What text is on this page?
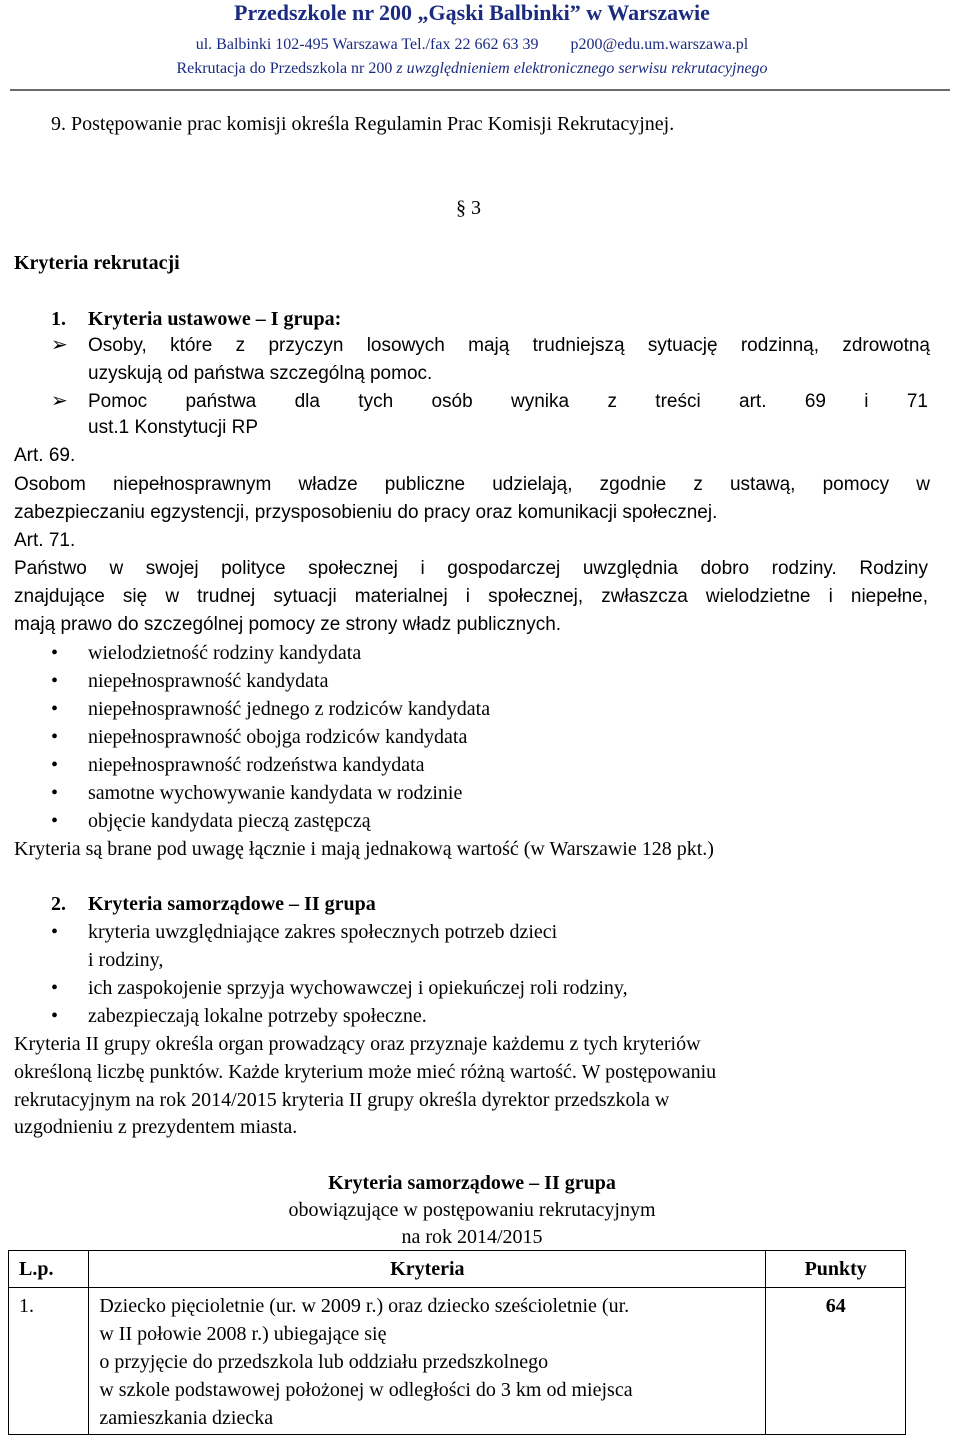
Przedszkole nr 200 „Gąski Balbinki” w Warszawie
ul. Balbinki 102-495 Warszawa Tel./fax 22 662 63 39 p200@edu.um.warszawa.pl
Rekrutacja do Przedszkola nr 200 z uwzględnieniem elektronicznego serwisu rekrutacyjnego
9. Postępowanie prac komisji określa Regulamin Prac Komisji Rekrutacyjnej.
§ 3
Kryteria rekrutacji
1. Kryteria ustawowe – I grupa:
➢ Osoby, które z przyczyn losowych mają trudniejszą sytuację rodzinną, zdrowotną
uzyskują od państwa szczególną pomoc.
➢ Pomoc państwa dla tych osób wynika z treści art. 69 i 71
ust.1 Konstytucji RP
Art. 69.
Osobom niepełnosprawnym władze publiczne udzielają, zgodnie z ustawą, pomocy w
zabezpieczaniu egzystencji, przysposobieniu do pracy oraz komunikacji społecznej.
Art. 71.
Państwo w swojej polityce społecznej i gospodarczej uwzględnia dobro rodziny. Rodziny
znajdujące się w trudnej sytuacji materialnej i społecznej, zwłaszcza wielodzietne i niepełne,
mają prawo do szczególnej pomocy ze strony władz publicznych.
• wielodzietność rodziny kandydata
• niepełnosprawność kandydata
• niepełnosprawność jednego z rodziców kandydata
• niepełnosprawność obojga rodziców kandydata
• niepełnosprawność rodzeństwa kandydata
• samotne wychowywanie kandydata w rodzinie
• objęcie kandydata pieczą zastępczą
Kryteria są brane pod uwagę łącznie i mają jednakową wartość (w Warszawie 128 pkt.)
2. Kryteria samorządowe – II grupa
• kryteria uwzględniające zakres społecznych potrzeb dzieci
i rodziny,
• ich zaspokojenie sprzyja wychowawczej i opiekuńczej roli rodziny,
• zabezpieczają lokalne potrzeby społeczne.
Kryteria II grupy określa organ prowadzący oraz przyznaje każdemu z tych kryteriów
określoną liczbę punktów. Każde kryterium może mieć różną wartość. W postępowaniu
rekrutacyjnym na rok 2014/2015 kryteria II grupy określa dyrektor przedszkola w
uzgodnieniu z prezydentem miasta.
Kryteria samorządowe – II grupa
obowiązujące w postępowaniu rekrutacyjnym
na rok 2014/2015
L.p.	Kryteria	Punkty
1.	Dziecko pięcioletnie (ur. w 2009 r.) oraz dziecko sześcioletnie (ur.
w II połowie 2008 r.) ubiegające się
o przyjęcie do przedszkola lub oddziału przedszkolnego
w szkole podstawowej położonej w odległości do 3 km od miejsca
zamieszkania dziecka	64
